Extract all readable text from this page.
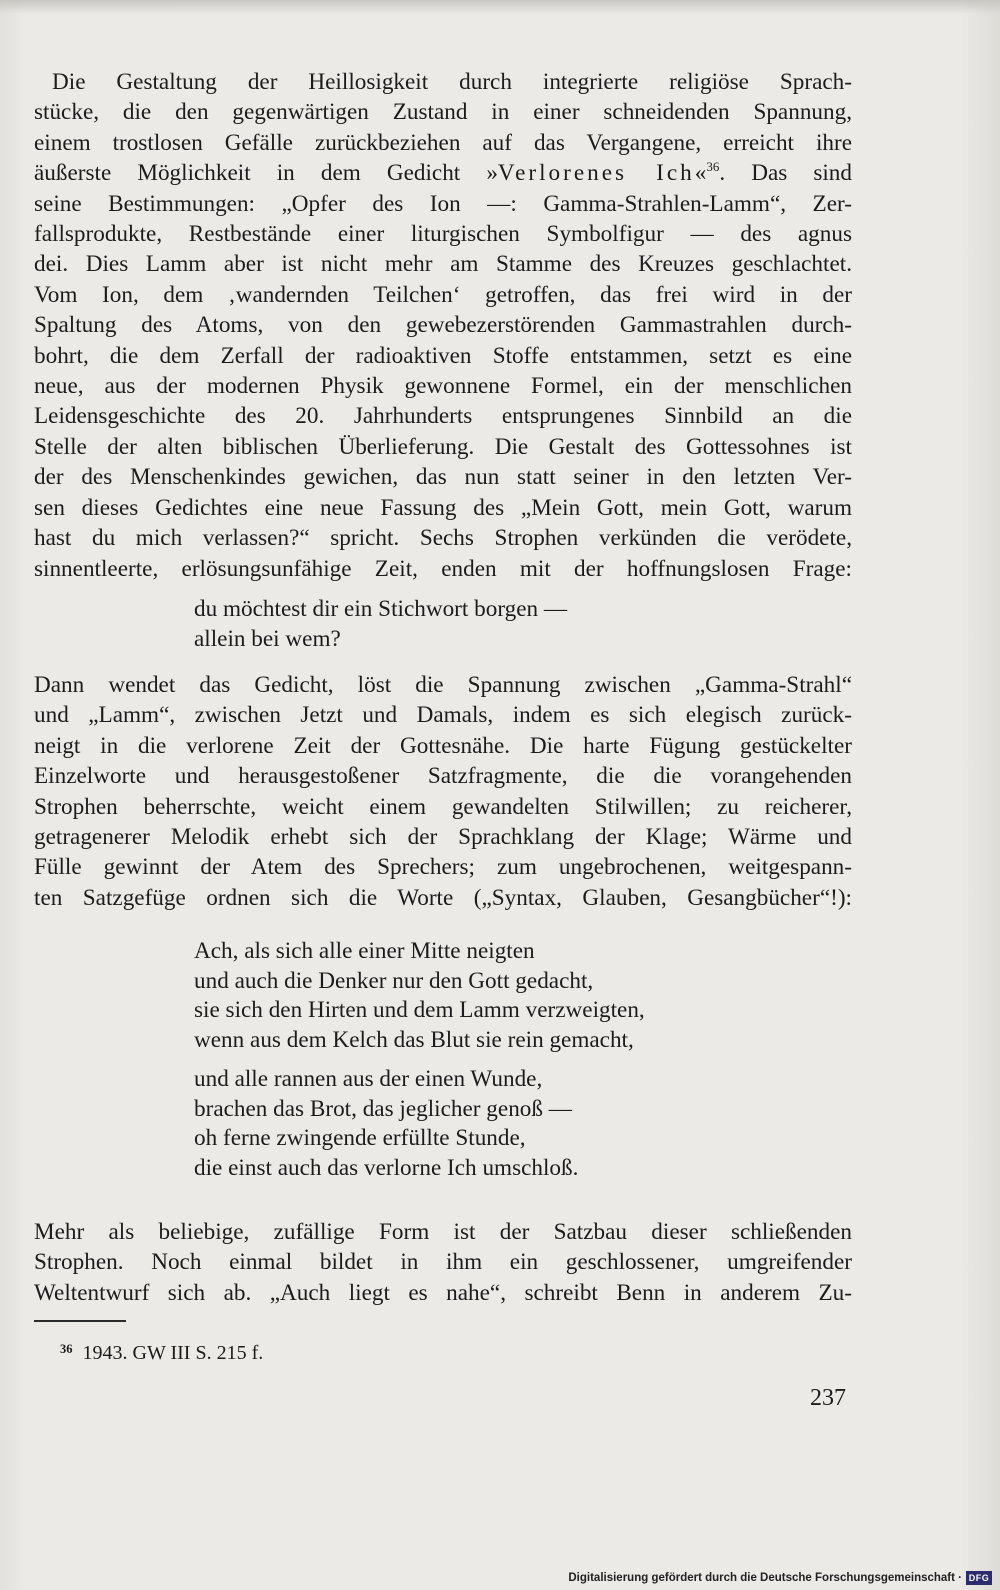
Die Gestaltung der Heillosigkeit durch integrierte religiöse Sprach-
stücke, die den gegenwärtigen Zustand in einer schneidenden Spannung,
einem trostlosen Gefälle zurückbeziehen auf das Vergangene, erreicht ihre
äußerste Möglichkeit in dem Gedicht »Verlorenes Ich«$^{36}$. Das sind
seine Bestimmungen: „Opfer des Ion —: Gamma-Strahlen-Lamm“, Zer-
fallsprodukte, Restbestände einer liturgischen Symbolfigur — des agnus
dei. Dies Lamm aber ist nicht mehr am Stamme des Kreuzes geschlachtet.
Vom Ion, dem ‚wandernden Teilchen‘ getroffen, das frei wird in der
Spaltung des Atoms, von den gewebezerstörenden Gammastrahlen durch-
bohrt, die dem Zerfall der radioaktiven Stoffe entstammen, setzt es eine
neue, aus der modernen Physik gewonnene Formel, ein der menschlichen
Leidensgeschichte des 20. Jahrhunderts entsprungenes Sinnbild an die
Stelle der alten biblischen Überlieferung. Die Gestalt des Gottessohnes ist
der des Menschenkindes gewichen, das nun statt seiner in den letzten Ver-
sen dieses Gedichtes eine neue Fassung des „Mein Gott, mein Gott, warum
hast du mich verlassen?“ spricht. Sechs Strophen verkünden die verödete,
sinnentleerte, erlösungsunfähige Zeit, enden mit der hoffnungslosen Frage:
du möchtest dir ein Stichwort borgen —
allein bei wem?
Dann wendet das Gedicht, löst die Spannung zwischen „Gamma-Strahl“
und „Lamm“, zwischen Jetzt und Damals, indem es sich elegisch zurück-
neigt in die verlorene Zeit der Gottesnähe. Die harte Fügung gestückelter
Einzelworte und herausgestoßener Satzfragmente, die die vorangehenden
Strophen beherrschte, weicht einem gewandelten Stilwillen; zu reicherer,
getragenerer Melodik erhebt sich der Sprachklang der Klage; Wärme und
Fülle gewinnt der Atem des Sprechers; zum ungebrochenen, weitgespann-
ten Satzgefüge ordnen sich die Worte („Syntax, Glauben, Gesangbücher“!):
Ach, als sich alle einer Mitte neigten
und auch die Denker nur den Gott gedacht,
sie sich den Hirten und dem Lamm verzweigten,
wenn aus dem Kelch das Blut sie rein gemacht,
und alle rannen aus der einen Wunde,
brachen das Brot, das jeglicher genoß —
oh ferne zwingende erfüllte Stunde,
die einst auch das verlorne Ich umschloß.
Mehr als beliebige, zufällige Form ist der Satzbau dieser schließenden
Strophen. Noch einmal bildet in ihm ein geschlossener, umgreifender
Weltentwurf sich ab. „Auch liegt es nahe“, schreibt Benn in anderem Zu-
$^{36}$ 1943. GW III S. 215 f.
237
Digitalisierung gefördert durch die Deutsche Forschungsgemeinschaft · DFG
